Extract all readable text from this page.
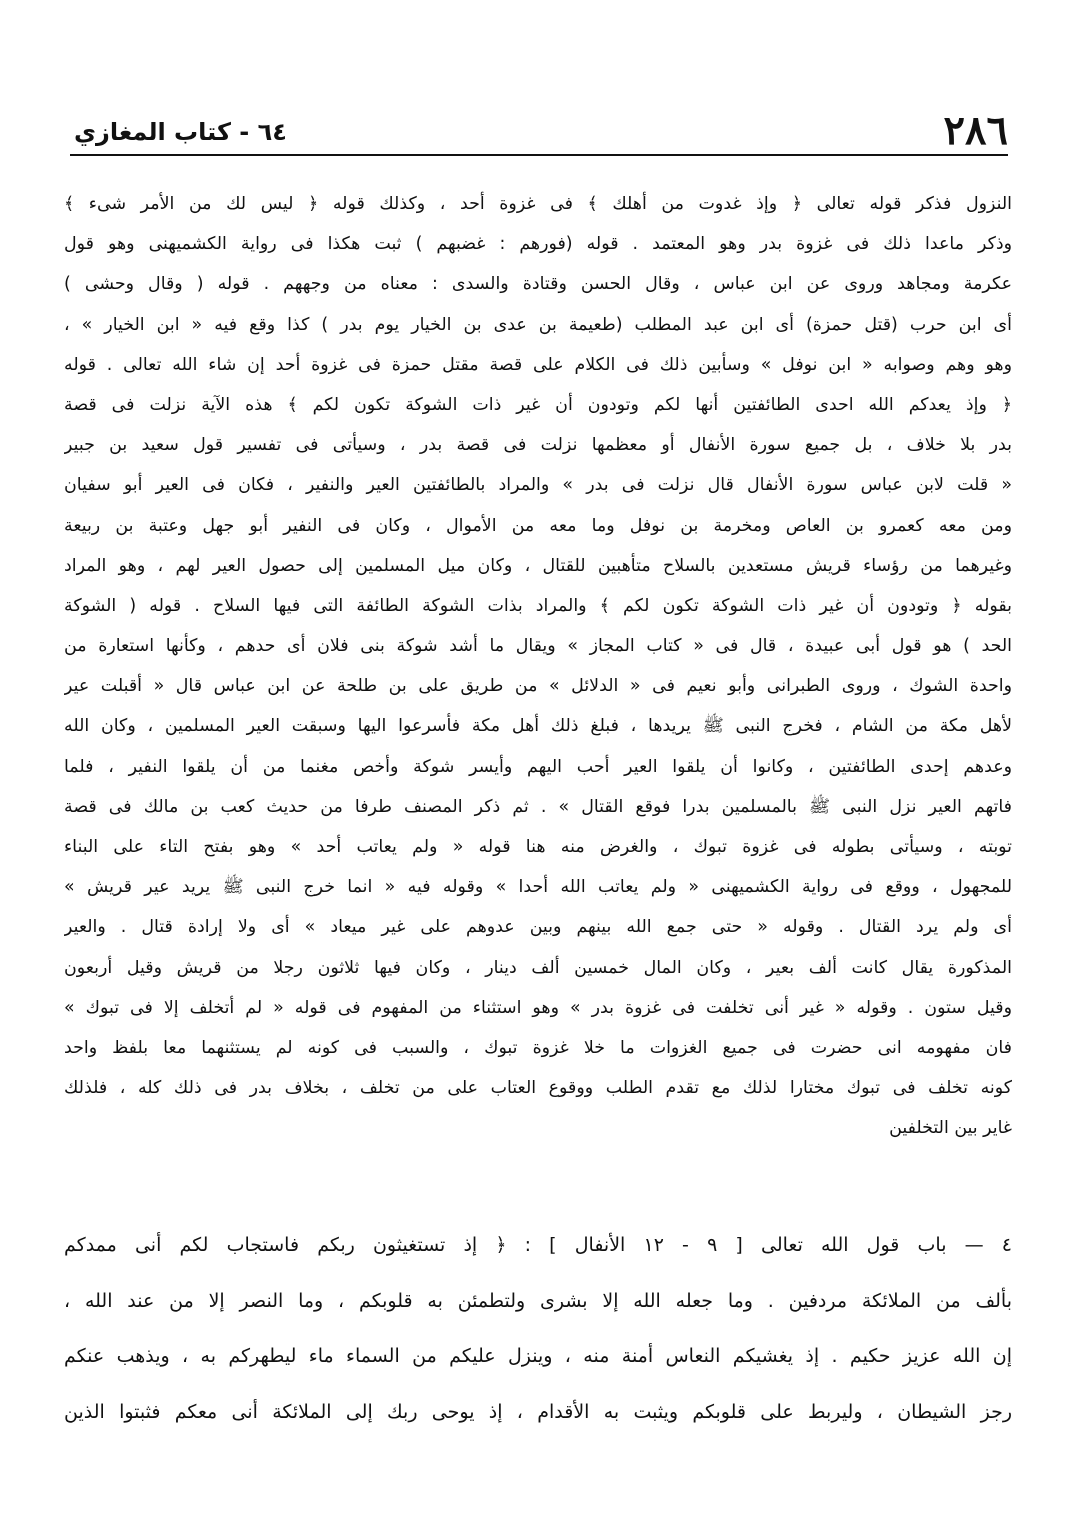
٢٨٦
٦٤ - كتاب المغازي
النزول فذكر قوله تعالى ﴿ وإذ غدوت من أهلك ﴾ فى غزوة أحد ، وكذلك قوله ﴿ ليس لك من الأمر شىء ﴾
وذكر ماعدا ذلك فى غزوة بدر وهو المعتمد . قوله (فورهم : غضبهم ) ثبت هكذا فى رواية الكشميهنى وهو قول
عكرمة ومجاهد وروى عن ابن عباس ، وقال الحسن وقتادة والسدى : معناه من وجههم . قوله ( وقال وحشى )
أى ابن حرب (قتل حمزة) أى ابن عبد المطلب (طعيمة بن عدى بن الخيار يوم بدر ) كذا وقع فيه « ابن الخيار » ،
وهو وهم وصوابه « ابن نوفل » وسأبين ذلك فى الكلام على قصة مقتل حمزة فى غزوة أحد إن شاء الله تعالى . قوله
﴿ وإذ يعدكم الله احدى الطائفتين أنها لكم وتودون أن غير ذات الشوكة تكون لكم ﴾ هذه الآية نزلت فى قصة
بدر بلا خلاف ، بل جميع سورة الأنفال أو معظمها نزلت فى قصة بدر ، وسيأتى فى تفسير قول سعيد بن جبير
« قلت لابن عباس سورة الأنفال قال نزلت فى بدر » والمراد بالطائفتين العير والنفير ، فكان فى العير أبو سفيان
ومن معه كعمرو بن العاص ومخرمة بن نوفل وما معه من الأموال ، وكان فى النفير أبو جهل وعتبة بن ربيعة
وغيرهما من رؤساء قريش مستعدين بالسلاح متأهبين للقتال ، وكان ميل المسلمين إلى حصول العير لهم ، وهو المراد
بقوله ﴿ وتودون أن غير ذات الشوكة تكون لكم ﴾ والمراد بذات الشوكة الطائفة التى فيها السلاح . قوله ( الشوكة
الحد ) هو قول أبى عبيدة ، قال فى « كتاب المجاز » ويقال ما أشد شوكة بنى فلان أى حدهم ، وكأنها استعارة من
واحدة الشوك ، وروى الطبرانى وأبو نعيم فى « الدلائل » من طريق على بن طلحة عن ابن عباس قال « أقبلت عير
لأهل مكة من الشام ، فخرج النبى ﷺ يريدها ، فبلغ ذلك أهل مكة فأسرعوا اليها وسبقت العير المسلمين ، وكان الله
وعدهم إحدى الطائفتين ، وكانوا أن يلقوا العير أحب اليهم وأيسر شوكة وأخص مغنما من أن يلقوا النفير ، فلما
فاتهم العير نزل النبى ﷺ بالمسلمين بدرا فوقع القتال » . ثم ذكر المصنف طرفا من حديث كعب بن مالك فى قصة
توبته ، وسيأتى بطوله فى غزوة تبوك ، والغرض منه هنا قوله « ولم يعاتب أحد » وهو بفتح التاء على البناء
للمجهول ، ووقع فى رواية الكشميهنى « ولم يعاتب الله أحدا » وقوله فيه « انما خرج النبى ﷺ يريد عير قريش »
أى ولم يرد القتال . وقوله « حتى جمع الله بينهم وبين عدوهم على غير ميعاد » أى ولا إرادة قتال . والعير
المذكورة يقال كانت ألف بعير ، وكان المال خمسين ألف دينار ، وكان فيها ثلاثون رجلا من قريش وقيل أربعون
وقيل ستون . وقوله « غير أنى تخلفت فى غزوة بدر » وهو استثناء من المفهوم فى قوله « لم أتخلف إلا فى تبوك »
فان مفهومه انى حضرت فى جميع الغزوات ما خلا غزوة تبوك ، والسبب فى كونه لم يستثنهما معا بلفظ واحد
كونه تخلف فى تبوك مختارا لذلك مع تقدم الطلب ووقوع العتاب على من تخلف ، بخلاف بدر فى ذلك كله ، فلذلك
غاير بين التخلفين
٤ — باب قول الله تعالى [ ٩ - ١٢ الأنفال ] : ﴿ إذ تستغيثون ربكم فاستجاب لكم أنى ممدكم
بألف من الملائكة مردفين . وما جعله الله إلا بشرى ولتطمئن به قلوبكم ، وما النصر إلا من عند الله ،
إن الله عزيز حكيم . إذ يغشيكم النعاس أمنة منه ، وينزل عليكم من السماء ماء ليطهركم به ، ويذهب عنكم
رجز الشيطان ، وليربط على قلوبكم ويثبت به الأقدام ، إذ يوحى ربك إلى الملائكة أنى معكم فثبتوا الذين
